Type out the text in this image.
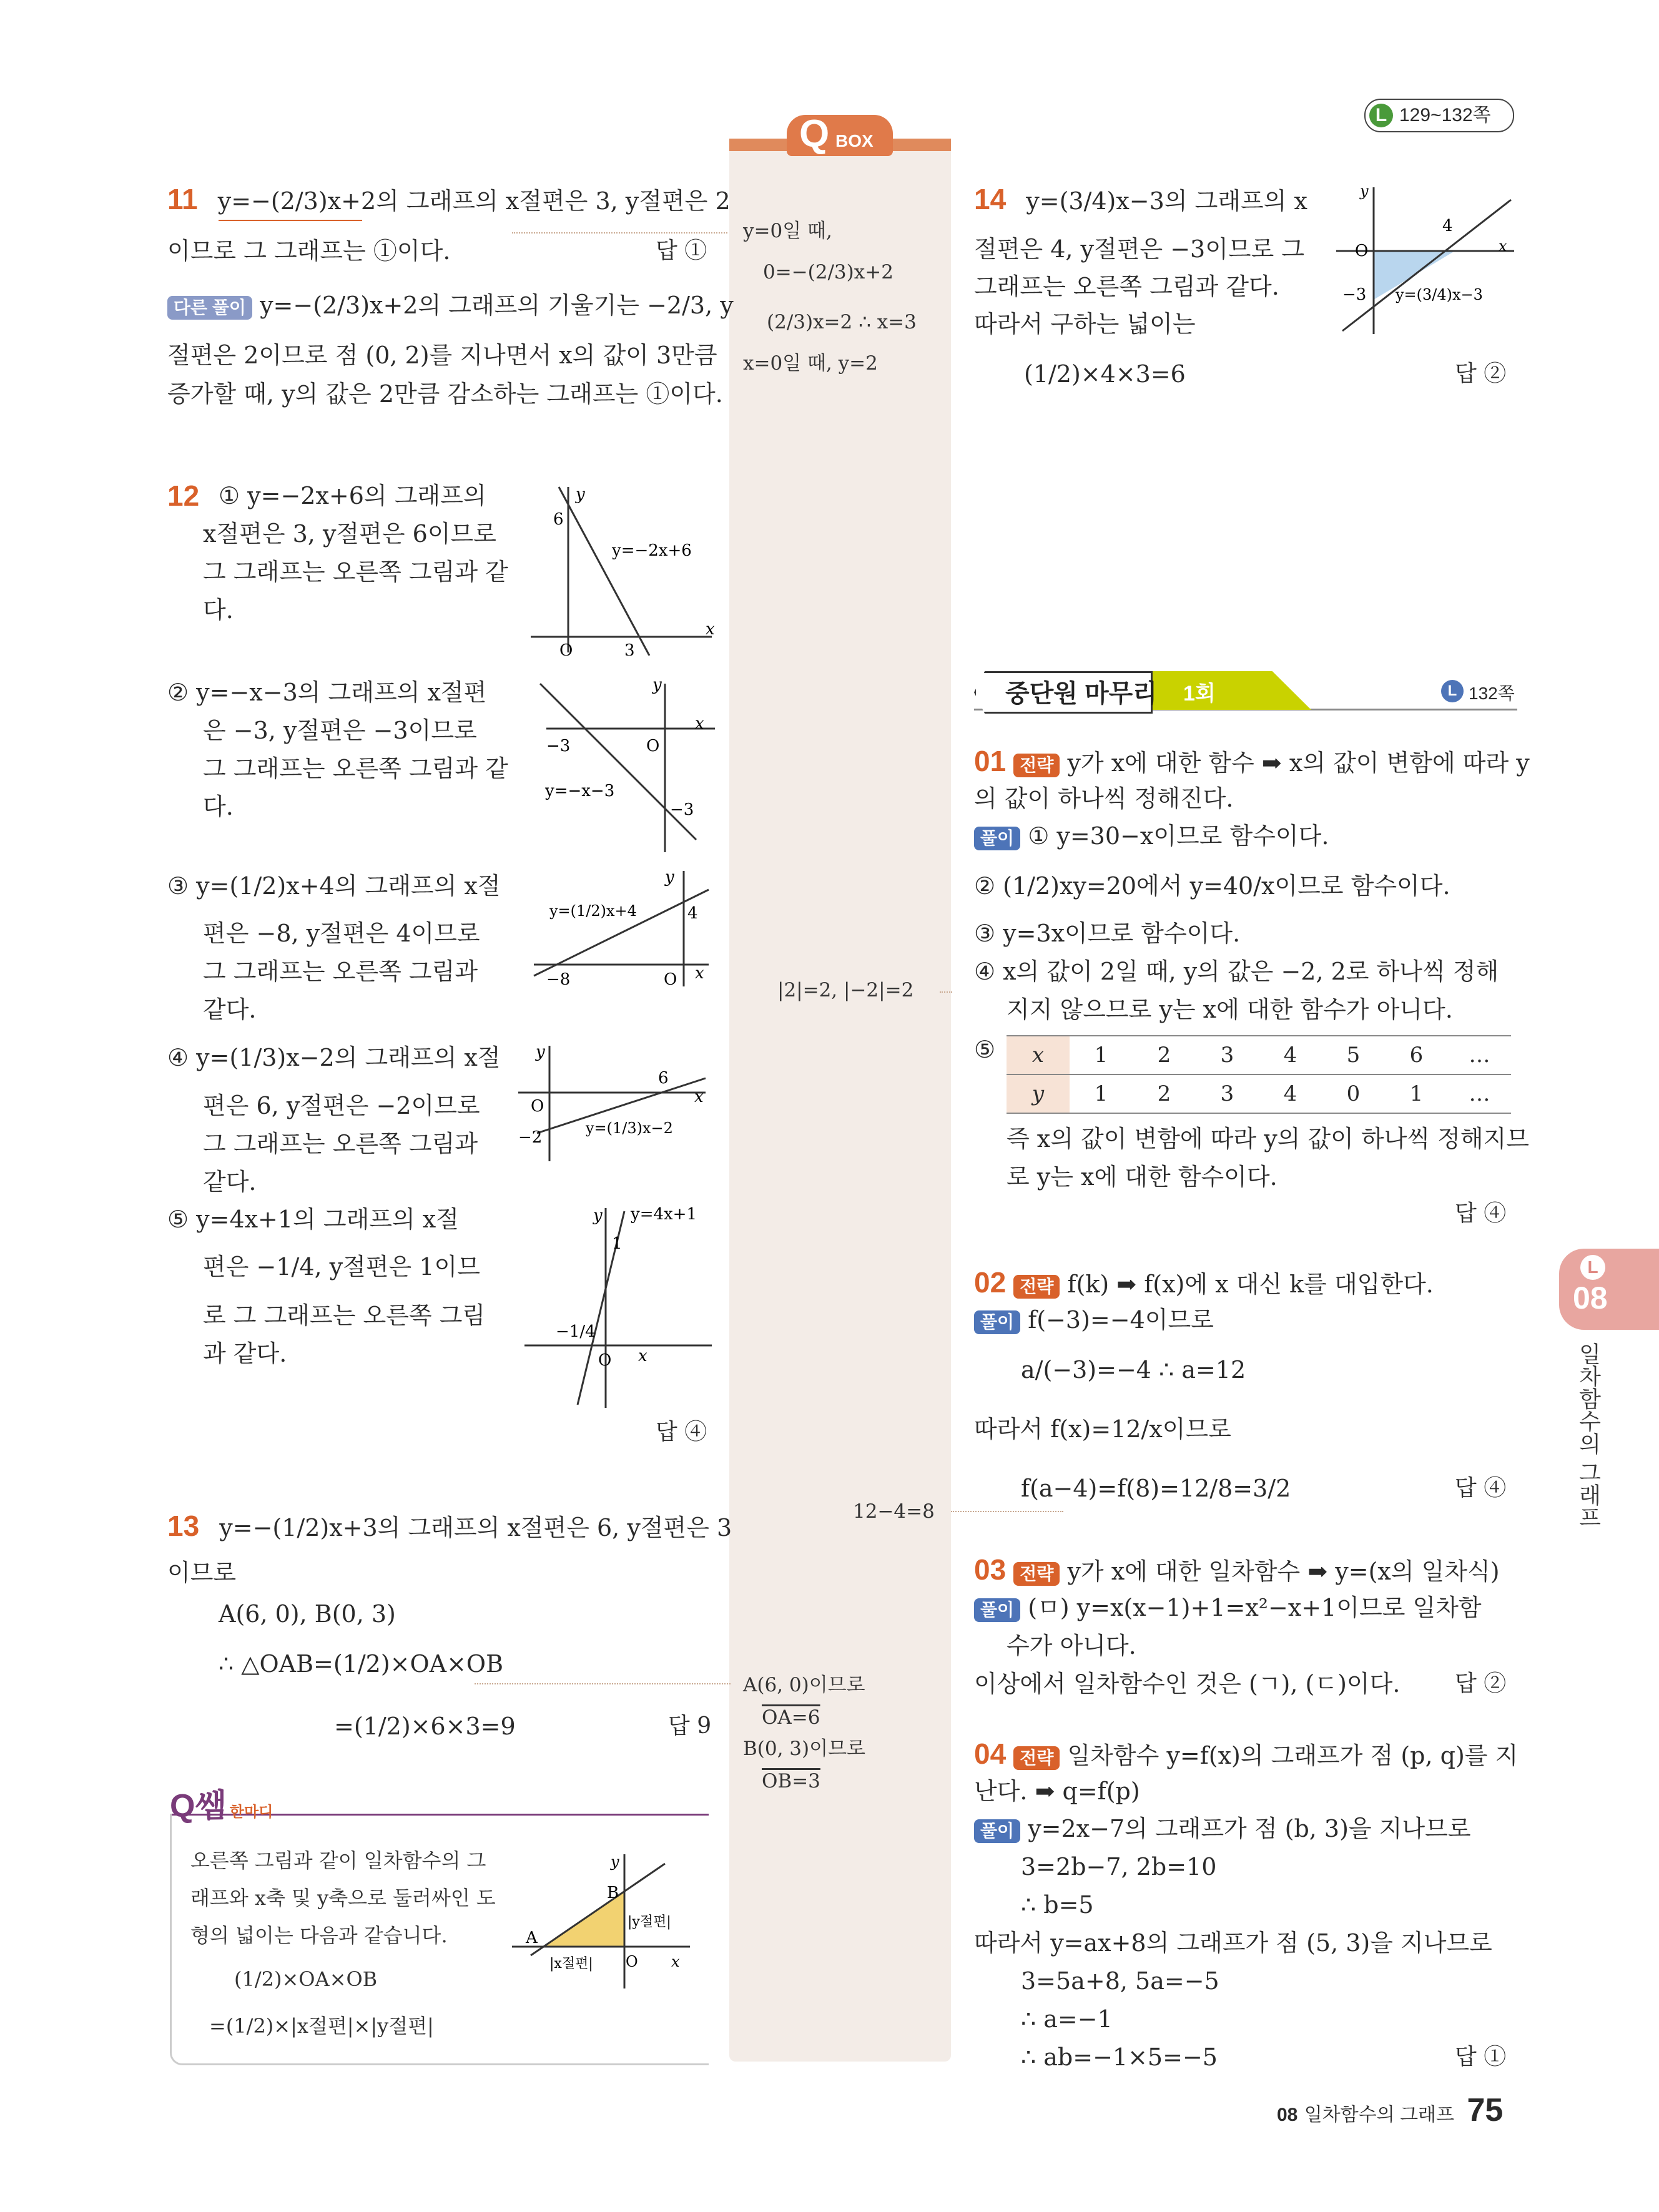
L 129~132쪽
Q BOX
11 y=−(2/3)x+2의 그래프의 x절편은 3, y절편은 2
이므로 그 그래프는 ①이다.	답 ①
다른 풀이 y=−(2/3)x+2의 그래프의 기울기는 −2/3, y
절편은 2이므로 점 (0, 2)를 지나면서 x의 값이 3만큼
증가할 때, y의 값은 2만큼 감소하는 그래프는 ①이다.
y=0일 때,
0=−(2/3)x+2
(2/3)x=2 ∴ x=3
x=0일 때, y=2
12 ① y=−2x+6의 그래프의
x절편은 3, y절편은 6이므로
그 그래프는 오른쪽 그림과 같
다.
② y=−x−3의 그래프의 x절편
은 −3, y절편은 −3이므로
그 그래프는 오른쪽 그림과 같
다.
③ y=(1/2)x+4의 그래프의 x절
편은 −8, y절편은 4이므로
그 그래프는 오른쪽 그림과
같다.
④ y=(1/3)x−2의 그래프의 x절
편은 6, y절편은 −2이므로
그 그래프는 오른쪽 그림과
같다.
⑤ y=4x+1의 그래프의 x절
편은 −1/4, y절편은 1이므
로 그 그래프는 오른쪽 그림
과 같다.
답 ④
y
x
O
6
3
y=−2x+6
y
x
O
−3
−3
y=−x−3
y
x
O
−8
4
y=(1/2)x+4
y
x
O
6
−2	y=(1/3)x−2
y
x
O
1
−1/4
y=4x+1
|2|=2, |−2|=2
12−4=8
13 y=−(1/2)x+3의 그래프의 x절편은 6, y절편은 3
이므로
A(6, 0), B(0, 3)
∴ △OAB=(1/2)×OA×OB
=(1/2)×6×3=9	답 9
A(6, 0)이므로
OA=6
B(0, 3)이므로
OB=3
Q쌤 한마디
오른쪽 그림과 같이 일차함수의 그
래프와 x축 및 y축으로 둘러싸인 도
형의 넓이는 다음과 같습니다.
(1/2)×OA×OB
=(1/2)×|x절편|×|y절편|
y
x
O
A
B
|x절편|
|y절편|
14 y=(3/4)x−3의 그래프의 x
절편은 4, y절편은 −3이므로 그
그래프는 오른쪽 그림과 같다.
따라서 구하는 넓이는
(1/2)×4×3=6	답 ②
y
x
O
4
−3 y=(3/4)x−3
중단원 마무리 1회	L 132쪽
01 전략 y가 x에 대한 함수 ➡ x의 값이 변함에 따라 y
의 값이 하나씩 정해진다.
풀이 ① y=30−x이므로 함수이다.
② (1/2)xy=20에서 y=40/x이므로 함수이다.
③ y=3x이므로 함수이다.
④ x의 값이 2일 때, y의 값은 −2, 2로 하나씩 정해
지지 않으므로 y는 x에 대한 함수가 아니다.
⑤ x	1	2	3	4	5	6	…
y	1	2	3	4	0	1	…
즉 x의 값이 변함에 따라 y의 값이 하나씩 정해지므
로 y는 x에 대한 함수이다.
답 ④
02 전략 f(k) ➡ f(x)에 x 대신 k를 대입한다.
풀이 f(−3)=−4이므로
a/(−3)=−4 ∴ a=12
따라서 f(x)=12/x이므로
f(a−4)=f(8)=12/8=3/2	답 ④
03 전략 y가 x에 대한 일차함수 ➡ y=(x의 일차식)
풀이 (ㅁ) y=x(x−1)+1=x²−x+1이므로 일차함
수가 아니다.
이상에서 일차함수인 것은 (ㄱ), (ㄷ)이다. 답 ②
04 전략 일차함수 y=f(x)의 그래프가 점 (p, q)를 지
난다. ➡ q=f(p)
풀이 y=2x−7의 그래프가 점 (b, 3)을 지나므로
3=2b−7, 2b=10
∴ b=5
따라서 y=ax+8의 그래프가 점 (5, 3)을 지나므로
3=5a+8, 5a=−5
∴ a=−1
∴ ab=−1×5=−5	답 ①
L
08
일차함수의 그래프
08 일차함수의 그래프 75
